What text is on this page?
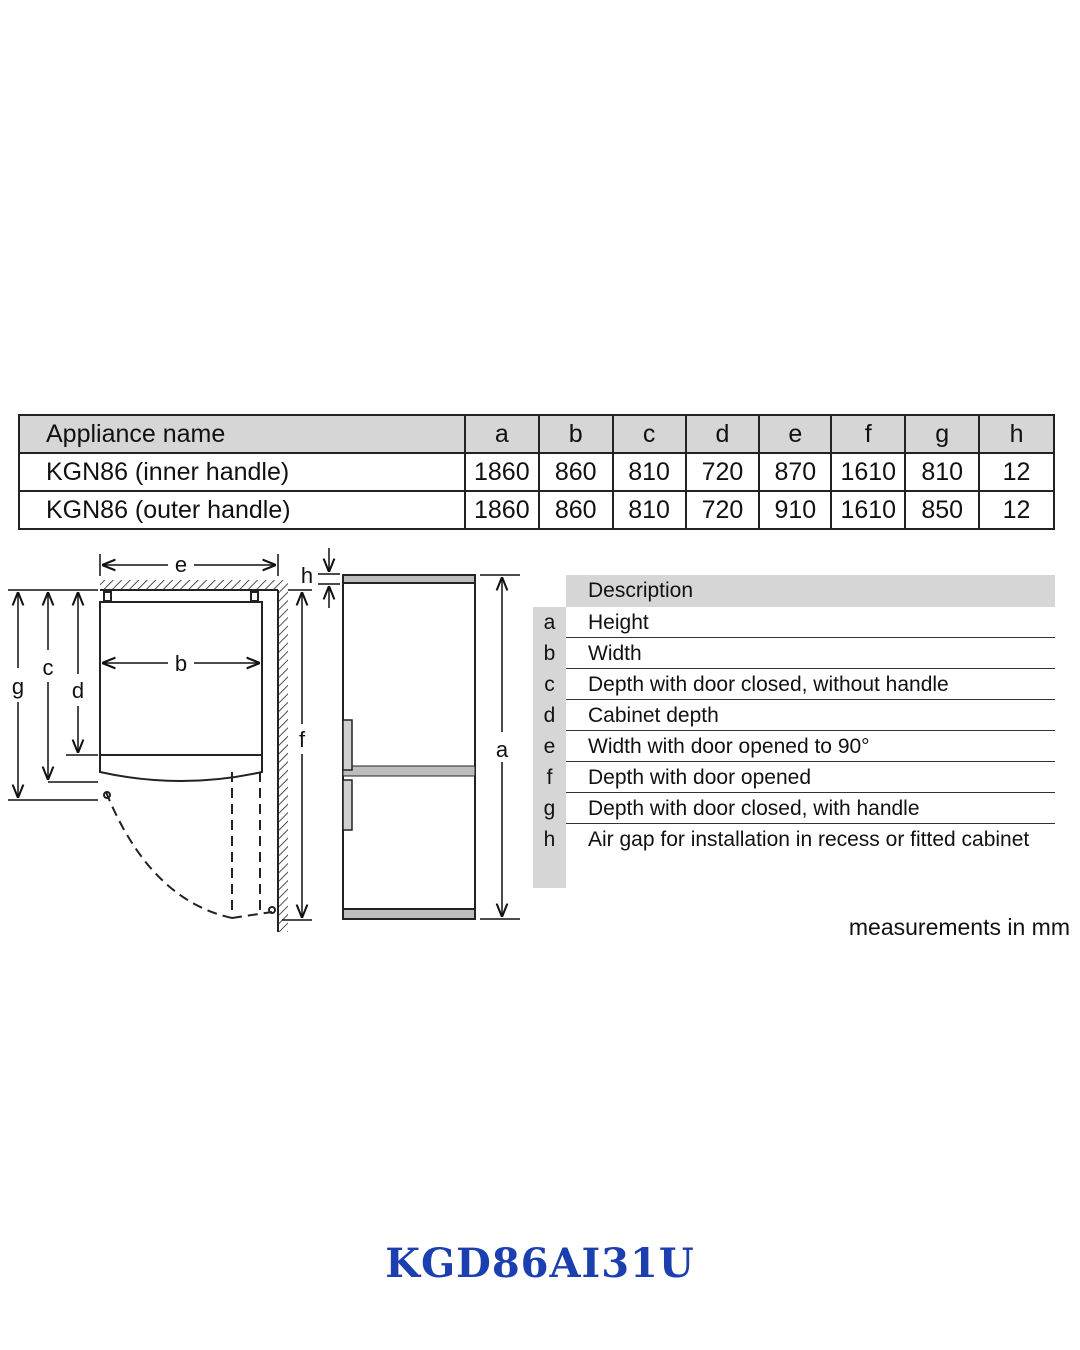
Appliance name	a	b	c	d	e	f	g	h
KGN86 (inner handle)	1860	860	810	720	870	1610	810	12
KGN86 (outer handle)	1860	860	810	720	910	1610	850	12
e
b
g
c
d
f
h
a
Description
a	Height
b	Width
c	Depth with door closed, without handle
d	Cabinet depth
e	Width with door opened to 90°
f	Depth with door opened
g	Depth with door closed, with handle
h	Air gap for installation in recess or fitted cabinet
measurements in mm
KGD86AI31U
